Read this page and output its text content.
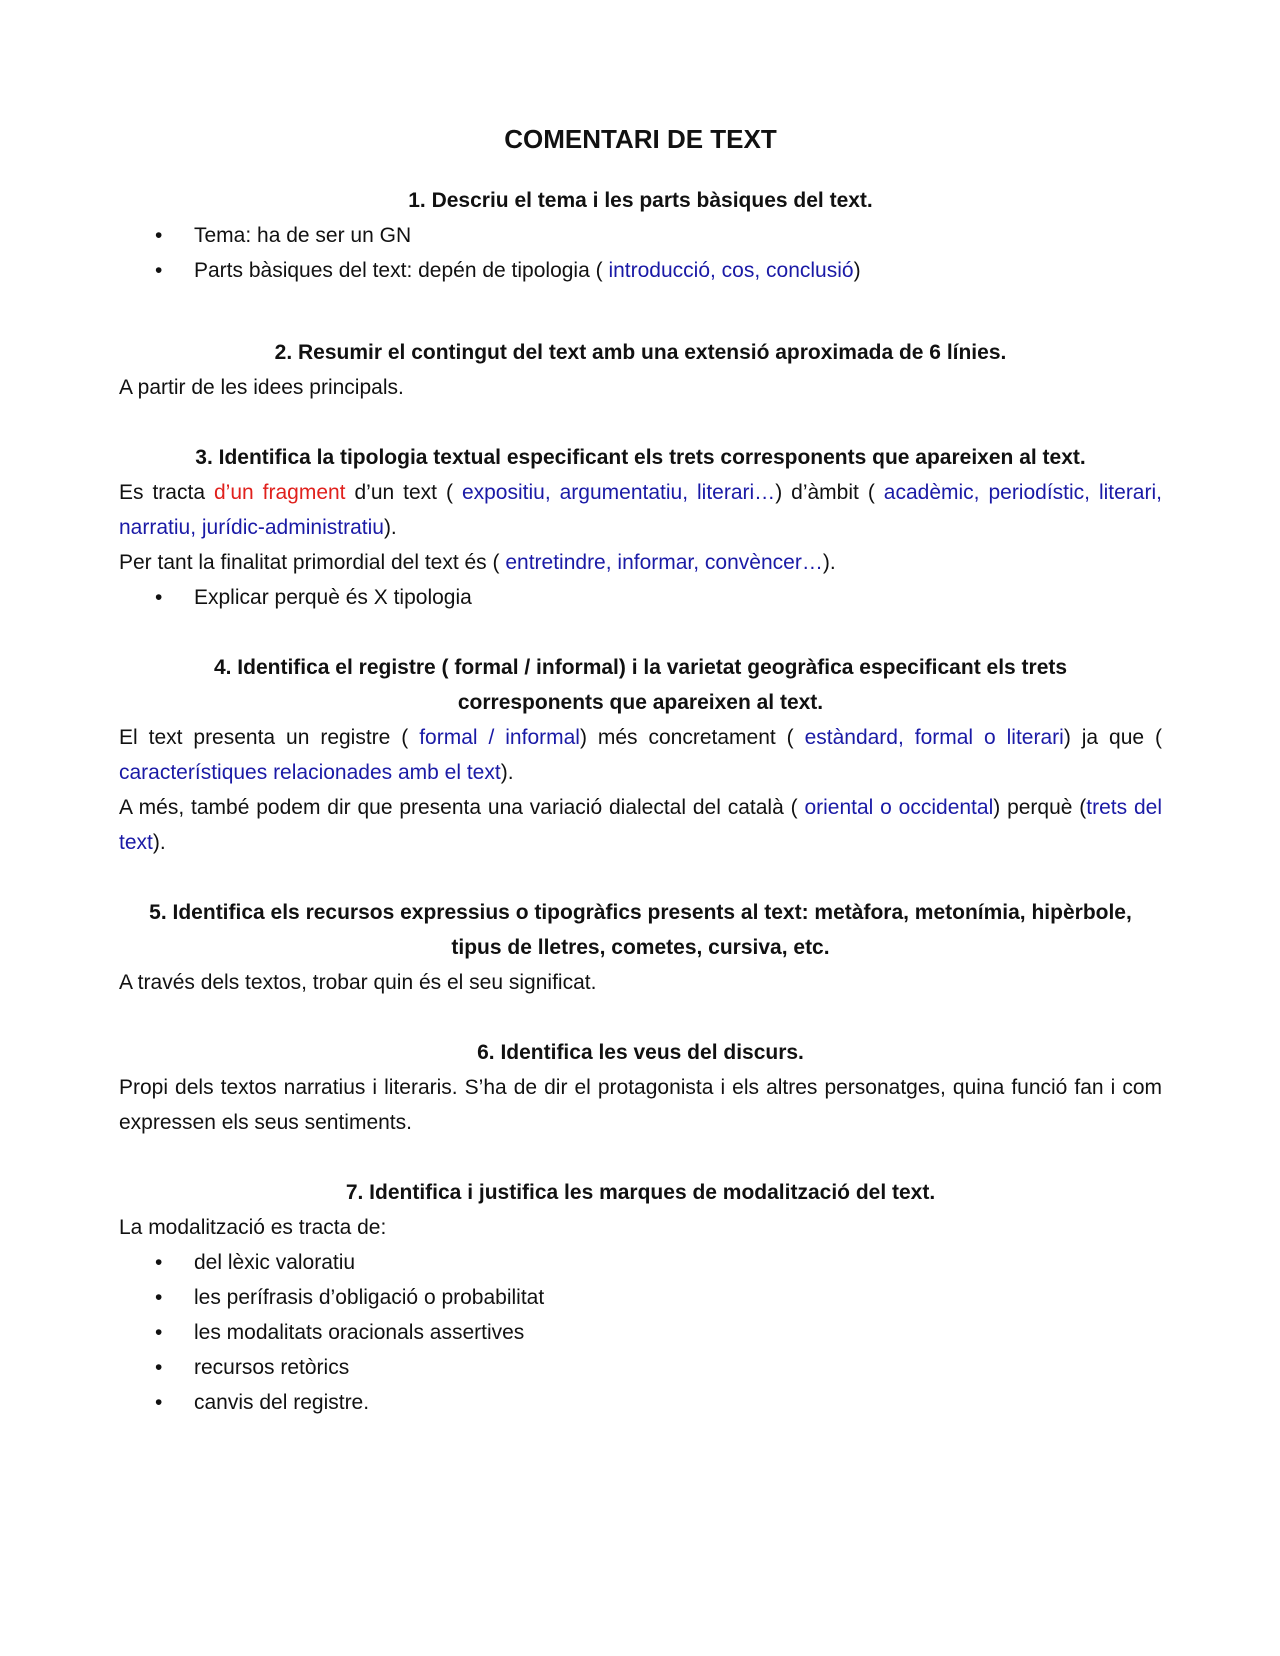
COMENTARI DE TEXT

1. Descriu el tema i les parts bàsiques del text.

• Tema: ha de ser un GN
• Parts bàsiques del text: depén de tipologia ( introducció, cos, conclusió)

2. Resumir el contingut del text amb una extensió aproximada de 6 línies.

A partir de les idees principals.

3. Identifica la tipologia textual especificant els trets corresponents que apareixen al text.

Es tracta d’un fragment d’un text ( expositiu, argumentatiu, literari…) d’àmbit ( acadèmic, periodístic, literari, narratiu, jurídic-administratiu).

Per tant la finalitat primordial del text és ( entretindre, informar, convèncer…).

• Explicar perquè és X tipologia

4. Identifica el registre ( formal / informal) i la varietat geogràfica especificant els trets
corresponents que apareixen al text.

El text presenta un registre ( formal / informal) més concretament ( estàndard, formal o literari) ja que ( característiques relacionades amb el text).

A més, també podem dir que presenta una variació dialectal del català ( oriental o occidental) perquè (trets del text).

5. Identifica els recursos expressius o tipogràfics presents al text: metàfora, metonímia, hipèrbole,
tipus de lletres, cometes, cursiva, etc.

A través dels textos, trobar quin és el seu significat.

6. Identifica les veus del discurs.

Propi dels textos narratius i literaris. S’ha de dir el protagonista i els altres personatges, quina funció fan i com expressen els seus sentiments.

7. Identifica i justifica les marques de modalització del text.

La modalització es tracta de:

• del lèxic valoratiu
• les perífrasis d’obligació o probabilitat
• les modalitats oracionals assertives
• recursos retòrics
• canvis del registre.
